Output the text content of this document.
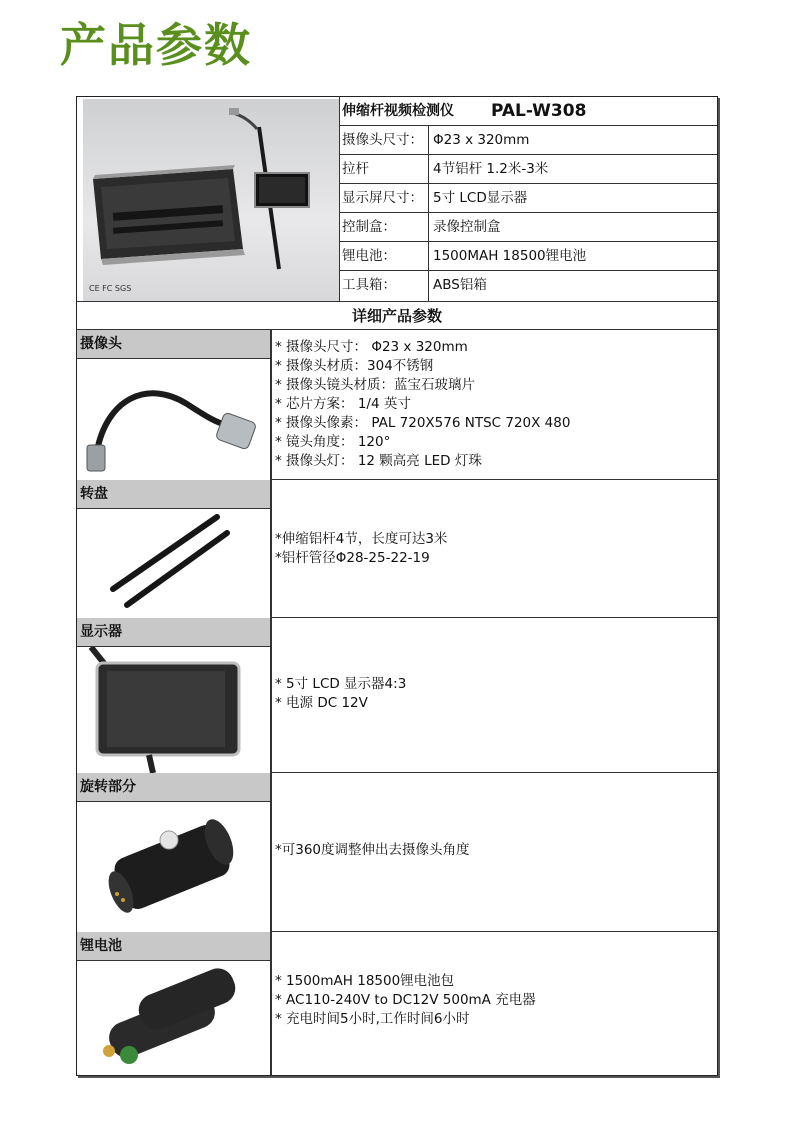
产品参数
CE FC SGS
伸缩杆视频检测仪 PAL-W308
摄像头尺寸： Φ23 x 320mm
拉杆	4节铝杆 1.2米-3米
显示屏尺寸： 5寸 LCD显示器
控制盒：	录像控制盒
锂电池：	1500MAH 18500锂电池
工具箱：	ABS铝箱
详细产品参数
摄像头	* 摄像头尺寸： Φ23 x 320mm
* 摄像头材质：304不锈钢
* 摄像头镜头材质：蓝宝石玻璃片
* 芯片方案： 1/4 英寸
* 摄像头像素： PAL 720X576 NTSC 720X 480
* 镜头角度： 120°
* 摄像头灯： 12 颗高亮 LED 灯珠
转盘
*伸缩铝杆4节，长度可达3米
*铝杆管径Φ28-25-22-19
显示器
* 5寸 LCD 显示器4:3
* 电源 DC 12V
旋转部分
*可360度调整伸出去摄像头角度
锂电池
* 1500mAH 18500锂电池包
* AC110-240V to DC12V 500mA 充电器
* 充电时间5小时,工作时间6小时
